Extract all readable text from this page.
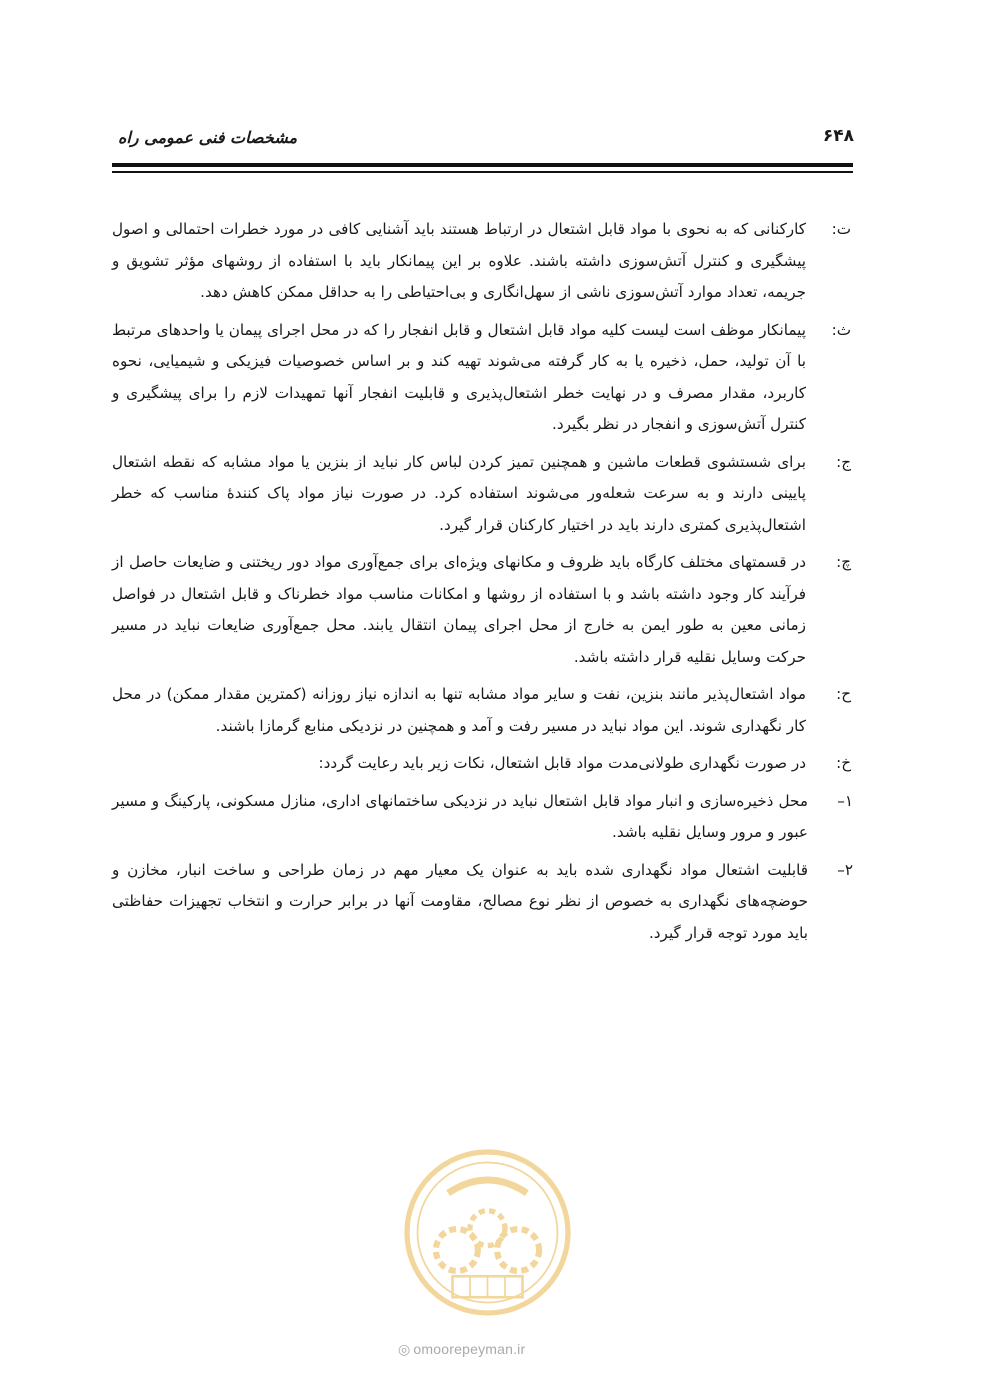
مشخصات فنی عمومی راه	۶۴۸
ت:
کارکنانی که به نحوی با مواد قابل اشتعال در ارتباط هستند باید آشنایی کافی در مورد خطرات احتمالی و اصول پیشگیری و کنترل آتش‌سوزی داشته باشند. علاوه بر این پیمانکار باید با استفاده از روشهای مؤثر تشویق و جریمه، تعداد موارد آتش‌سوزی ناشی از سهل‌انگاری و بی‌احتیاطی را به حداقل ممکن کاهش دهد.
ث:
پیمانکار موظف است لیست کلیه مواد قابل اشتعال و قابل انفجار را که در محل اجرای پیمان یا واحدهای مرتبط با آن تولید، حمل، ذخیره یا به کار گرفته می‌شوند تهیه کند و بر اساس خصوصیات فیزیکی و شیمیایی، نحوه کاربرد، مقدار مصرف و در نهایت خطر اشتعال‌پذیری و قابلیت انفجار آنها تمهیدات لازم را برای پیشگیری و کنترل آتش‌سوزی و انفجار در نظر بگیرد.
ج:
برای شستشوی قطعات ماشین و همچنین تمیز کردن لباس کار نباید از بنزین یا مواد مشابه که نقطه اشتعال پایینی دارند و به سرعت شعله‌ور می‌شوند استفاده کرد. در صورت نیاز مواد پاک کنندهٔ مناسب که خطر اشتعال‌پذیری کمتری دارند باید در اختیار کارکنان قرار گیرد.
چ:
در قسمتهای مختلف کارگاه باید ظروف و مکانهای ویژه‌ای برای جمع‌آوری مواد دور ریختنی و ضایعات حاصل از فرآیند کار وجود داشته باشد و با استفاده از روشها و امکانات مناسب مواد خطرناک و قابل اشتعال در فواصل زمانی معین به طور ایمن به خارج از محل اجرای پیمان انتقال یابند. محل جمع‌آوری ضایعات نباید در مسیر حرکت وسایل نقلیه قرار داشته باشد.
ح:
مواد اشتعال‌پذیر مانند بنزین، نفت و سایر مواد مشابه تنها به اندازه نیاز روزانه (کمترین مقدار ممکن) در محل کار نگهداری شوند. این مواد نباید در مسیر رفت و آمد و همچنین در نزدیکی منابع گرمازا باشند.
خ:
در صورت نگهداری طولانی‌مدت مواد قابل اشتعال، نکات زیر باید رعایت گردد:
۱–
محل ذخیره‌سازی و انبار مواد قابل اشتعال نباید در نزدیکی ساختمانهای اداری، منازل مسکونی، پارکینگ و مسیر عبور و مرور وسایل نقلیه باشد.
۲–
قابلیت اشتعال مواد نگهداری شده باید به عنوان یک معیار مهم در زمان طراحی و ساخت انبار، مخازن و حوضچه‌های نگهداری به خصوص از نظر نوع مصالح، مقاومت آنها در برابر حرارت و انتخاب تجهیزات حفاظتی باید مورد توجه قرار گیرد.
◎ omoorepeyman.ir
